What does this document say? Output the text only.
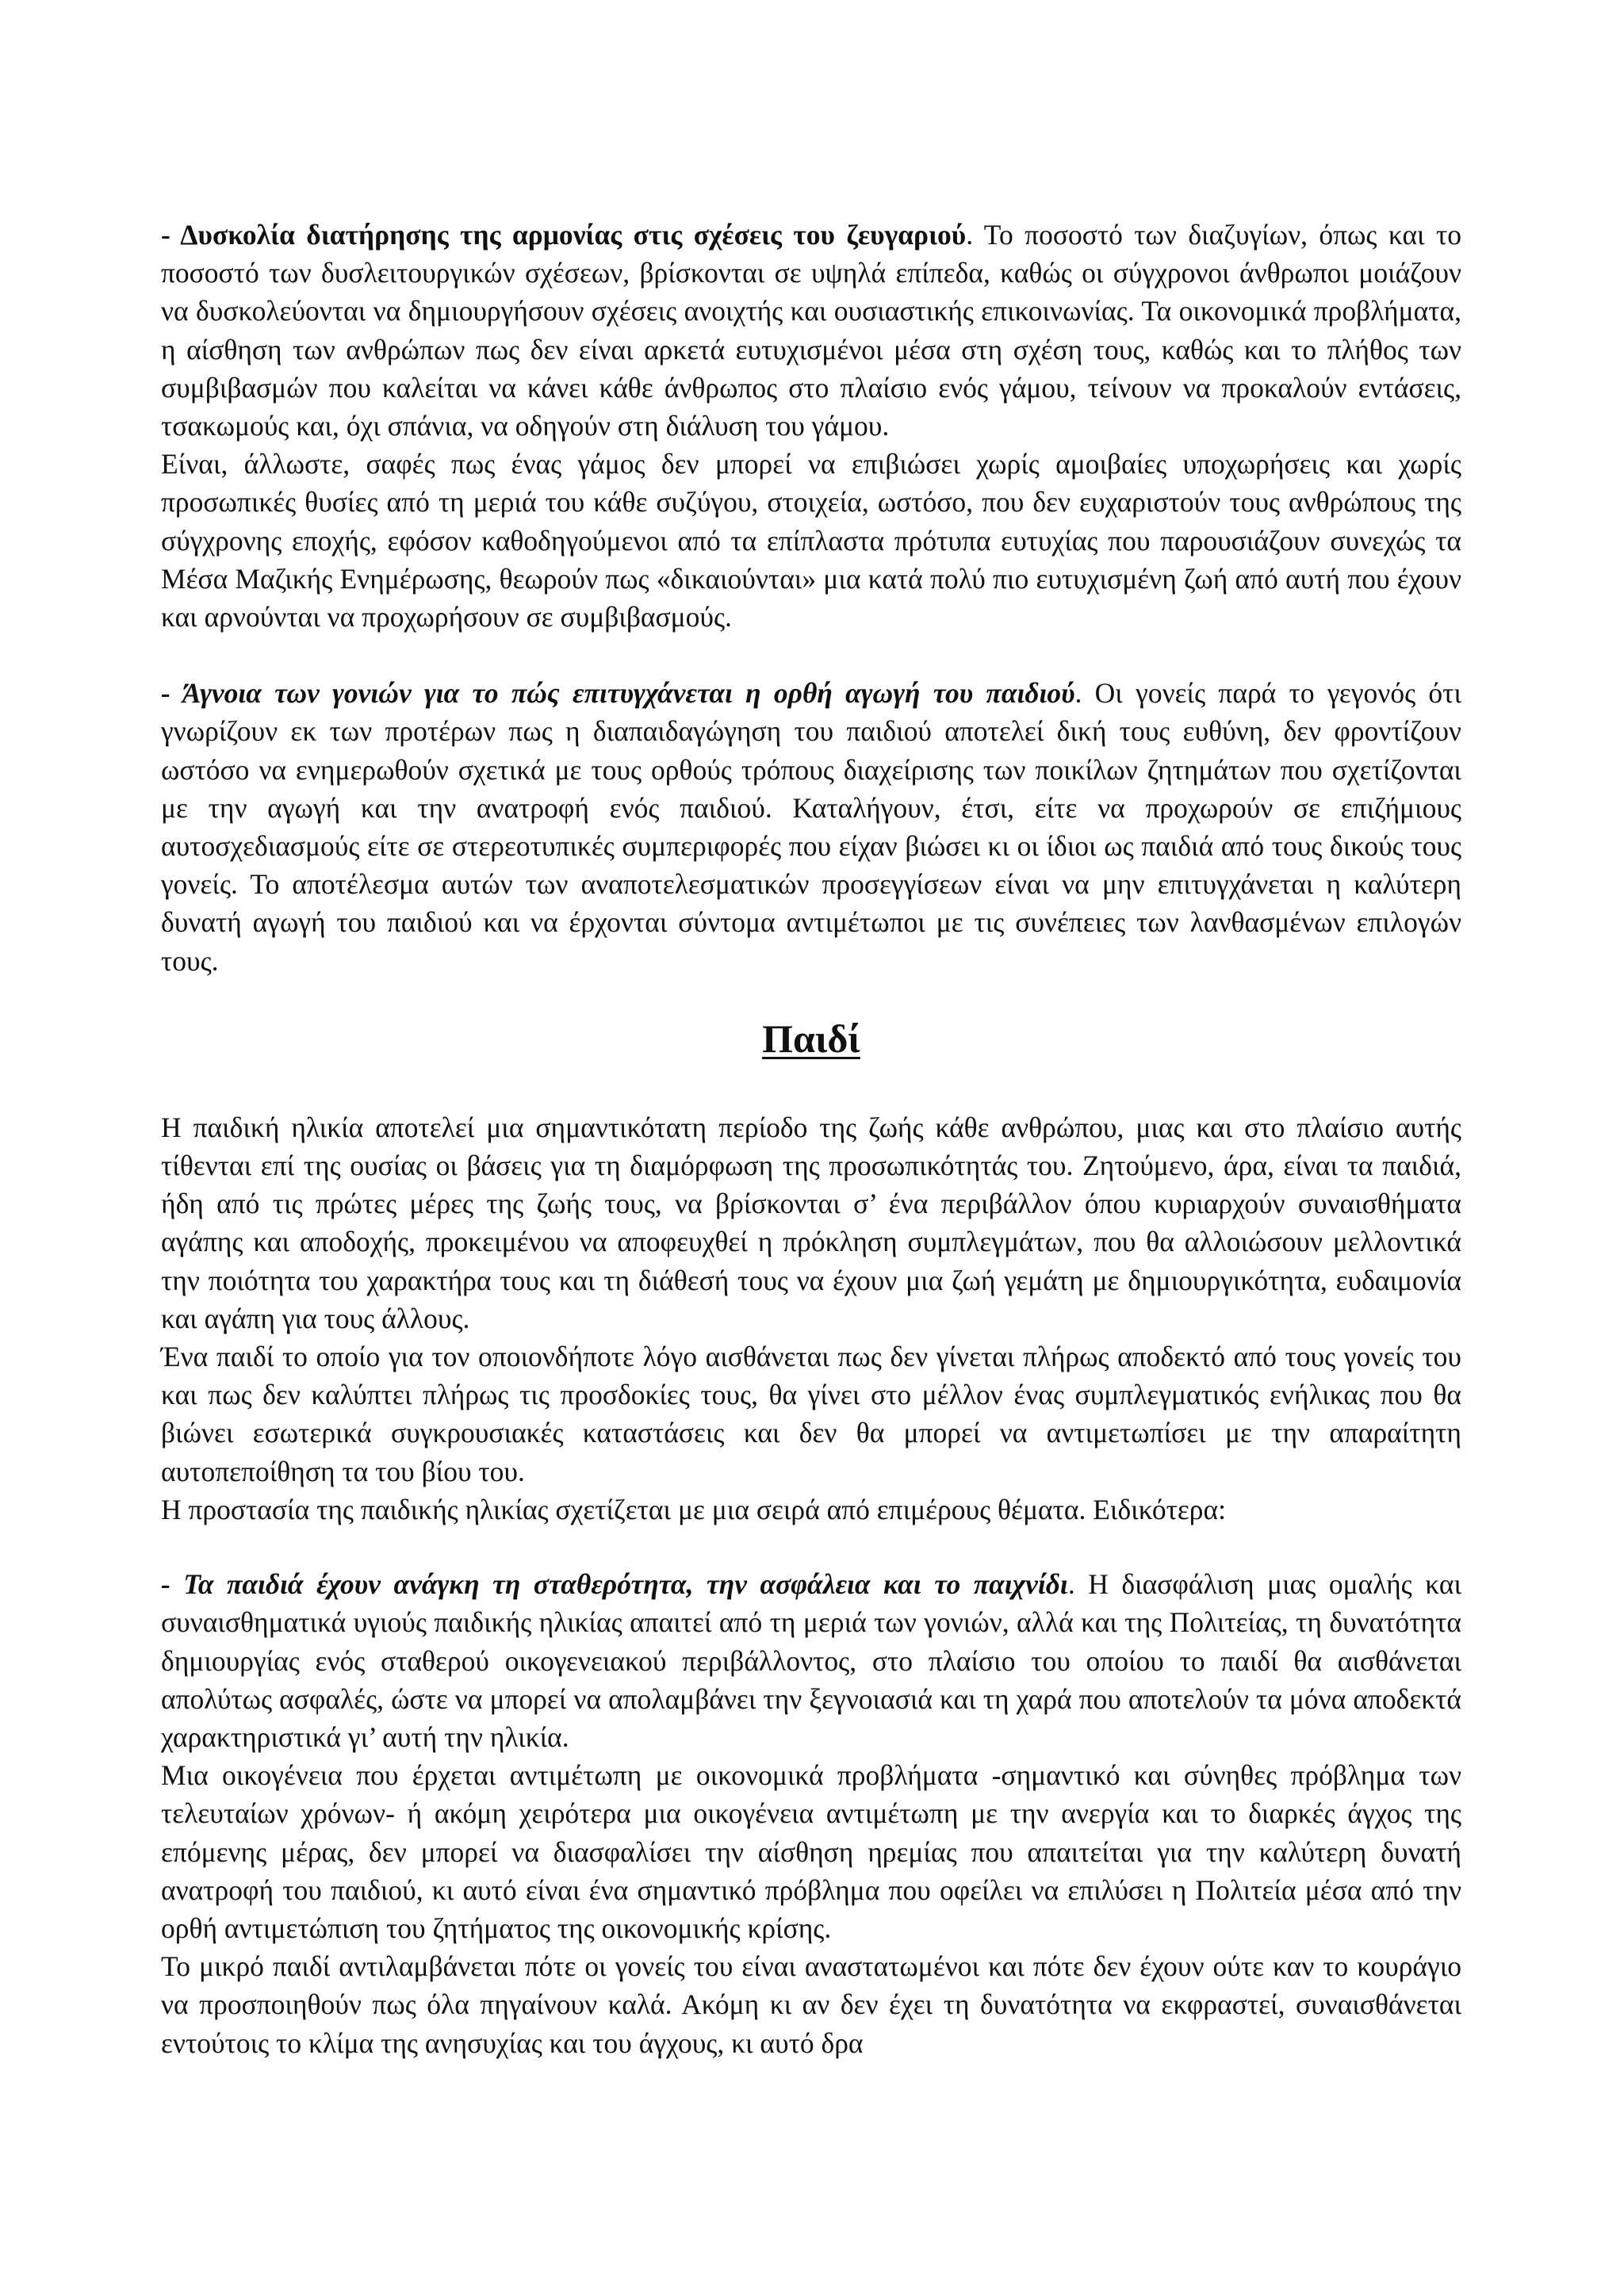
- Δυσκολία διατήρησης της αρμονίας στις σχέσεις του ζευγαριού. Το ποσοστό των διαζυγίων, όπως και το ποσοστό των δυσλειτουργικών σχέσεων, βρίσκονται σε υψηλά επίπεδα, καθώς οι σύγχρονοι άνθρωποι μοιάζουν να δυσκολεύονται να δημιουργήσουν σχέσεις ανοιχτής και ουσιαστικής επικοινωνίας. Τα οικονομικά προβλήματα, η αίσθηση των ανθρώπων πως δεν είναι αρκετά ευτυχισμένοι μέσα στη σχέση τους, καθώς και το πλήθος των συμβιβασμών που καλείται να κάνει κάθε άνθρωπος στο πλαίσιο ενός γάμου, τείνουν να προκαλούν εντάσεις, τσακωμούς και, όχι σπάνια, να οδηγούν στη διάλυση του γάμου.

Είναι, άλλωστε, σαφές πως ένας γάμος δεν μπορεί να επιβιώσει χωρίς αμοιβαίες υποχωρήσεις και χωρίς προσωπικές θυσίες από τη μεριά του κάθε συζύγου, στοιχεία, ωστόσο, που δεν ευχαριστούν τους ανθρώπους της σύγχρονης εποχής, εφόσον καθοδηγούμενοι από τα επίπλαστα πρότυπα ευτυχίας που παρουσιάζουν συνεχώς τα Μέσα Μαζικής Ενημέρωσης, θεωρούν πως «δικαιούνται» μια κατά πολύ πιο ευτυχισμένη ζωή από αυτή που έχουν και αρνούνται να προχωρήσουν σε συμβιβασμούς.

- Άγνοια των γονιών για το πώς επιτυγχάνεται η ορθή αγωγή του παιδιού. Οι γονείς παρά το γεγονός ότι γνωρίζουν εκ των προτέρων πως η διαπαιδαγώγηση του παιδιού αποτελεί δική τους ευθύνη, δεν φροντίζουν ωστόσο να ενημερωθούν σχετικά με τους ορθούς τρόπους διαχείρισης των ποικίλων ζητημάτων που σχετίζονται με την αγωγή και την ανατροφή ενός παιδιού. Καταλήγουν, έτσι, είτε να προχωρούν σε επιζήμιους αυτοσχεδιασμούς είτε σε στερεοτυπικές συμπεριφορές που είχαν βιώσει κι οι ίδιοι ως παιδιά από τους δικούς τους γονείς. Το αποτέλεσμα αυτών των αναποτελεσματικών προσεγγίσεων είναι να μην επιτυγχάνεται η καλύτερη δυνατή αγωγή του παιδιού και να έρχονται σύντομα αντιμέτωποι με τις συνέπειες των λανθασμένων επιλογών τους.

Παιδί

Η παιδική ηλικία αποτελεί μια σημαντικότατη περίοδο της ζωής κάθε ανθρώπου, μιας και στο πλαίσιο αυτής τίθενται επί της ουσίας οι βάσεις για τη διαμόρφωση της προσωπικότητάς του. Ζητούμενο, άρα, είναι τα παιδιά, ήδη από τις πρώτες μέρες της ζωής τους, να βρίσκονται σ’ ένα περιβάλλον όπου κυριαρχούν συναισθήματα αγάπης και αποδοχής, προκειμένου να αποφευχθεί η πρόκληση συμπλεγμάτων, που θα αλλοιώσουν μελλοντικά την ποιότητα του χαρακτήρα τους και τη διάθεσή τους να έχουν μια ζωή γεμάτη με δημιουργικότητα, ευδαιμονία και αγάπη για τους άλλους.

Ένα παιδί το οποίο για τον οποιονδήποτε λόγο αισθάνεται πως δεν γίνεται πλήρως αποδεκτό από τους γονείς του και πως δεν καλύπτει πλήρως τις προσδοκίες τους, θα γίνει στο μέλλον ένας συμπλεγματικός ενήλικας που θα βιώνει εσωτερικά συγκρουσιακές καταστάσεις και δεν θα μπορεί να αντιμετωπίσει με την απαραίτητη αυτοπεποίθηση τα του βίου του.

Η προστασία της παιδικής ηλικίας σχετίζεται με μια σειρά από επιμέρους θέματα. Ειδικότερα:

- Τα παιδιά έχουν ανάγκη τη σταθερότητα, την ασφάλεια και το παιχνίδι. Η διασφάλιση μιας ομαλής και συναισθηματικά υγιούς παιδικής ηλικίας απαιτεί από τη μεριά των γονιών, αλλά και της Πολιτείας, τη δυνατότητα δημιουργίας ενός σταθερού οικογενειακού περιβάλλοντος, στο πλαίσιο του οποίου το παιδί θα αισθάνεται απολύτως ασφαλές, ώστε να μπορεί να απολαμβάνει την ξεγνοιασιά και τη χαρά που αποτελούν τα μόνα αποδεκτά χαρακτηριστικά γι’ αυτή την ηλικία.

Μια οικογένεια που έρχεται αντιμέτωπη με οικονομικά προβλήματα -σημαντικό και σύνηθες πρόβλημα των τελευταίων χρόνων- ή ακόμη χειρότερα μια οικογένεια αντιμέτωπη με την ανεργία και το διαρκές άγχος της επόμενης μέρας, δεν μπορεί να διασφαλίσει την αίσθηση ηρεμίας που απαιτείται για την καλύτερη δυνατή ανατροφή του παιδιού, κι αυτό είναι ένα σημαντικό πρόβλημα που οφείλει να επιλύσει η Πολιτεία μέσα από την ορθή αντιμετώπιση του ζητήματος της οικονομικής κρίσης.

Το μικρό παιδί αντιλαμβάνεται πότε οι γονείς του είναι αναστατωμένοι και πότε δεν έχουν ούτε καν το κουράγιο να προσποιηθούν πως όλα πηγαίνουν καλά. Ακόμη κι αν δεν έχει τη δυνατότητα να εκφραστεί, συναισθάνεται εντούτοις το κλίμα της ανησυχίας και του άγχους, κι αυτό δρα
